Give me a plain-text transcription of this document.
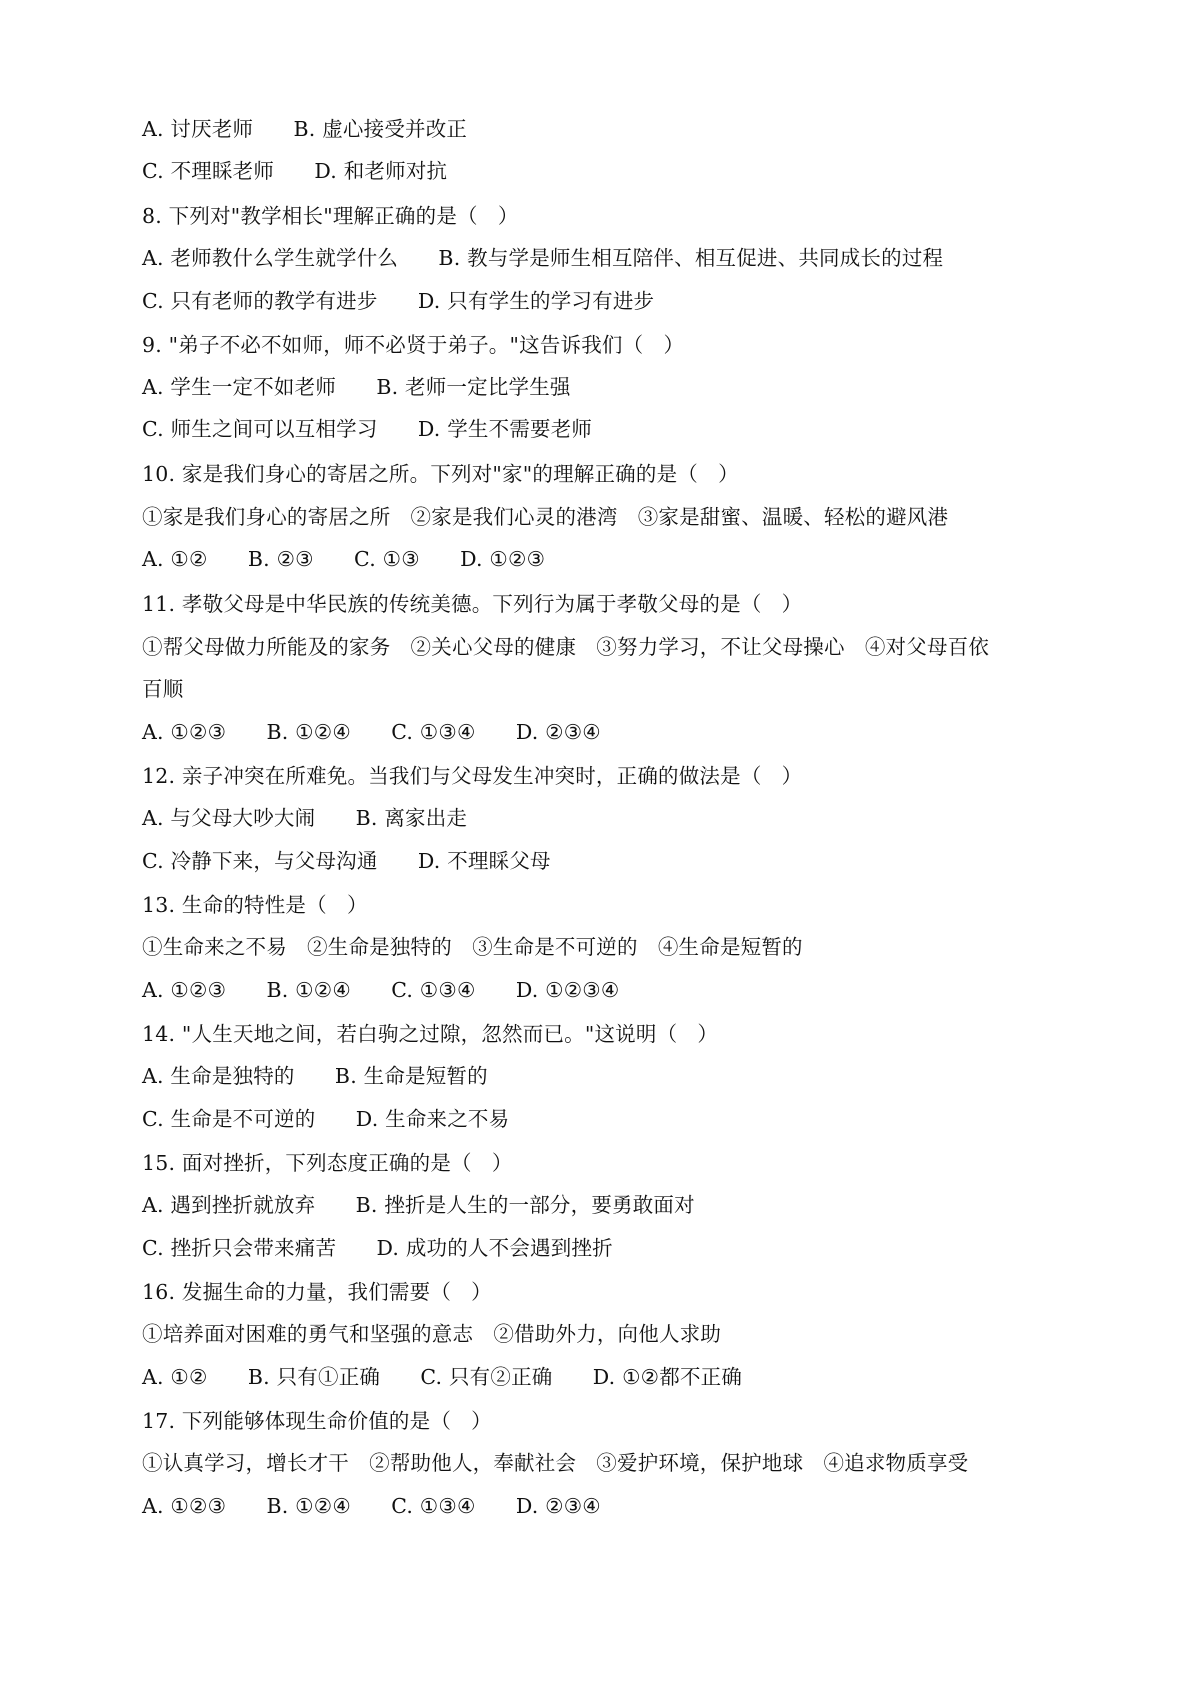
A. 讨厌老师      B. 虚心接受并改正
C. 不理睬老师      D. 和老师对抗
8. 下列对"教学相长"理解正确的是（   ）
A. 老师教什么学生就学什么      B. 教与学是师生相互陪伴、相互促进、共同成长的过程
C. 只有老师的教学有进步      D. 只有学生的学习有进步
9. "弟子不必不如师，师不必贤于弟子。"这告诉我们（   ）
A. 学生一定不如老师      B. 老师一定比学生强
C. 师生之间可以互相学习      D. 学生不需要老师
10. 家是我们身心的寄居之所。下列对"家"的理解正确的是（   ）
①家是我们身心的寄居之所   ②家是我们心灵的港湾   ③家是甜蜜、温暖、轻松的避风港
A. ①②      B. ②③      C. ①③      D. ①②③
11. 孝敬父母是中华民族的传统美德。下列行为属于孝敬父母的是（   ）
①帮父母做力所能及的家务   ②关心父母的健康   ③努力学习，不让父母操心   ④对父母百依
百顺
A. ①②③      B. ①②④      C. ①③④      D. ②③④
12. 亲子冲突在所难免。当我们与父母发生冲突时，正确的做法是（   ）
A. 与父母大吵大闹      B. 离家出走
C. 冷静下来，与父母沟通      D. 不理睬父母
13. 生命的特性是（   ）
①生命来之不易   ②生命是独特的   ③生命是不可逆的   ④生命是短暂的
A. ①②③      B. ①②④      C. ①③④      D. ①②③④
14. "人生天地之间，若白驹之过隙，忽然而已。"这说明（   ）
A. 生命是独特的      B. 生命是短暂的
C. 生命是不可逆的      D. 生命来之不易
15. 面对挫折，下列态度正确的是（   ）
A. 遇到挫折就放弃      B. 挫折是人生的一部分，要勇敢面对
C. 挫折只会带来痛苦      D. 成功的人不会遇到挫折
16. 发掘生命的力量，我们需要（   ）
①培养面对困难的勇气和坚强的意志   ②借助外力，向他人求助
A. ①②      B. 只有①正确      C. 只有②正确      D. ①②都不正确
17. 下列能够体现生命价值的是（   ）
①认真学习，增长才干   ②帮助他人，奉献社会   ③爱护环境，保护地球   ④追求物质享受
A. ①②③      B. ①②④      C. ①③④      D. ②③④
